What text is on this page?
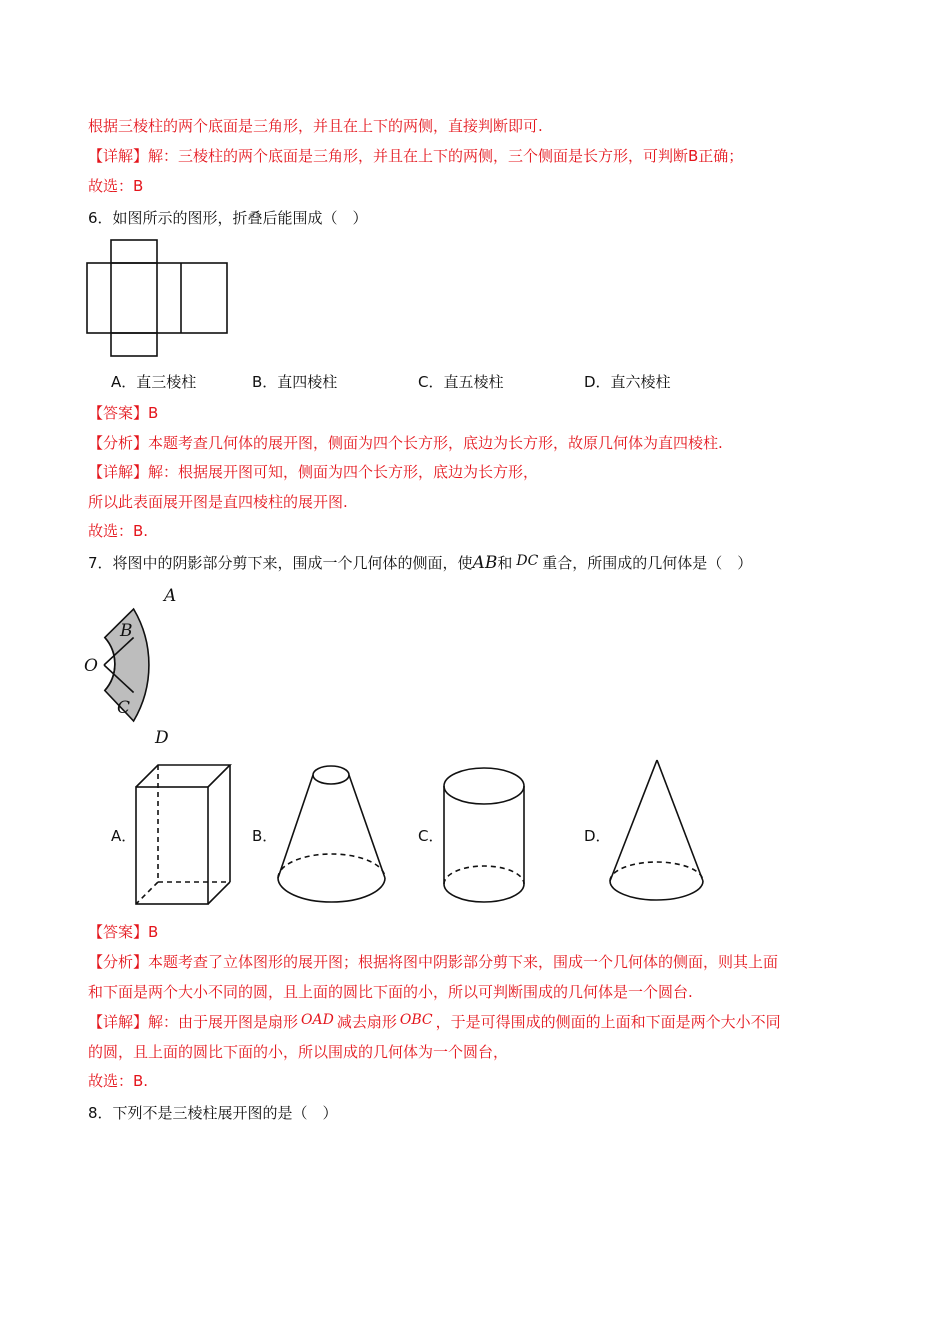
根据三棱柱的两个底面是三角形，并且在上下的两侧，直接判断即可.
【详解】解：三棱柱的两个底面是三角形，并且在上下的两侧，三个侧面是长方形，可判断B正确；
故选：B
6．如图所示的图形，折叠后能围成（　）
A．直三棱柱	B．直四棱柱	C．直五棱柱	D．直六棱柱
【答案】B
【分析】本题考查几何体的展开图，侧面为四个长方形，底边为长方形，故原几何体为直四棱柱.
【详解】解：根据展开图可知，侧面为四个长方形，底边为长方形，
所以此表面展开图是直四棱柱的展开图.
故选：B.
7．将图中的阴影部分剪下来，围成一个几何体的侧面，使AB和 DC 重合，所围成的几何体是（　）
A
B
O
C
D
A．	B．	C．	D．
【答案】B
【分析】本题考查了立体图形的展开图；根据将图中阴影部分剪下来，围成一个几何体的侧面，则其上面
和下面是两个大小不同的圆，且上面的圆比下面的小，所以可判断围成的几何体是一个圆台.
【详解】解：由于展开图是扇形 OAD 减去扇形 OBC ，于是可得围成的侧面的上面和下面是两个大小不同
的圆，且上面的圆比下面的小，所以围成的几何体为一个圆台，
故选：B.
8．下列不是三棱柱展开图的是（　）
